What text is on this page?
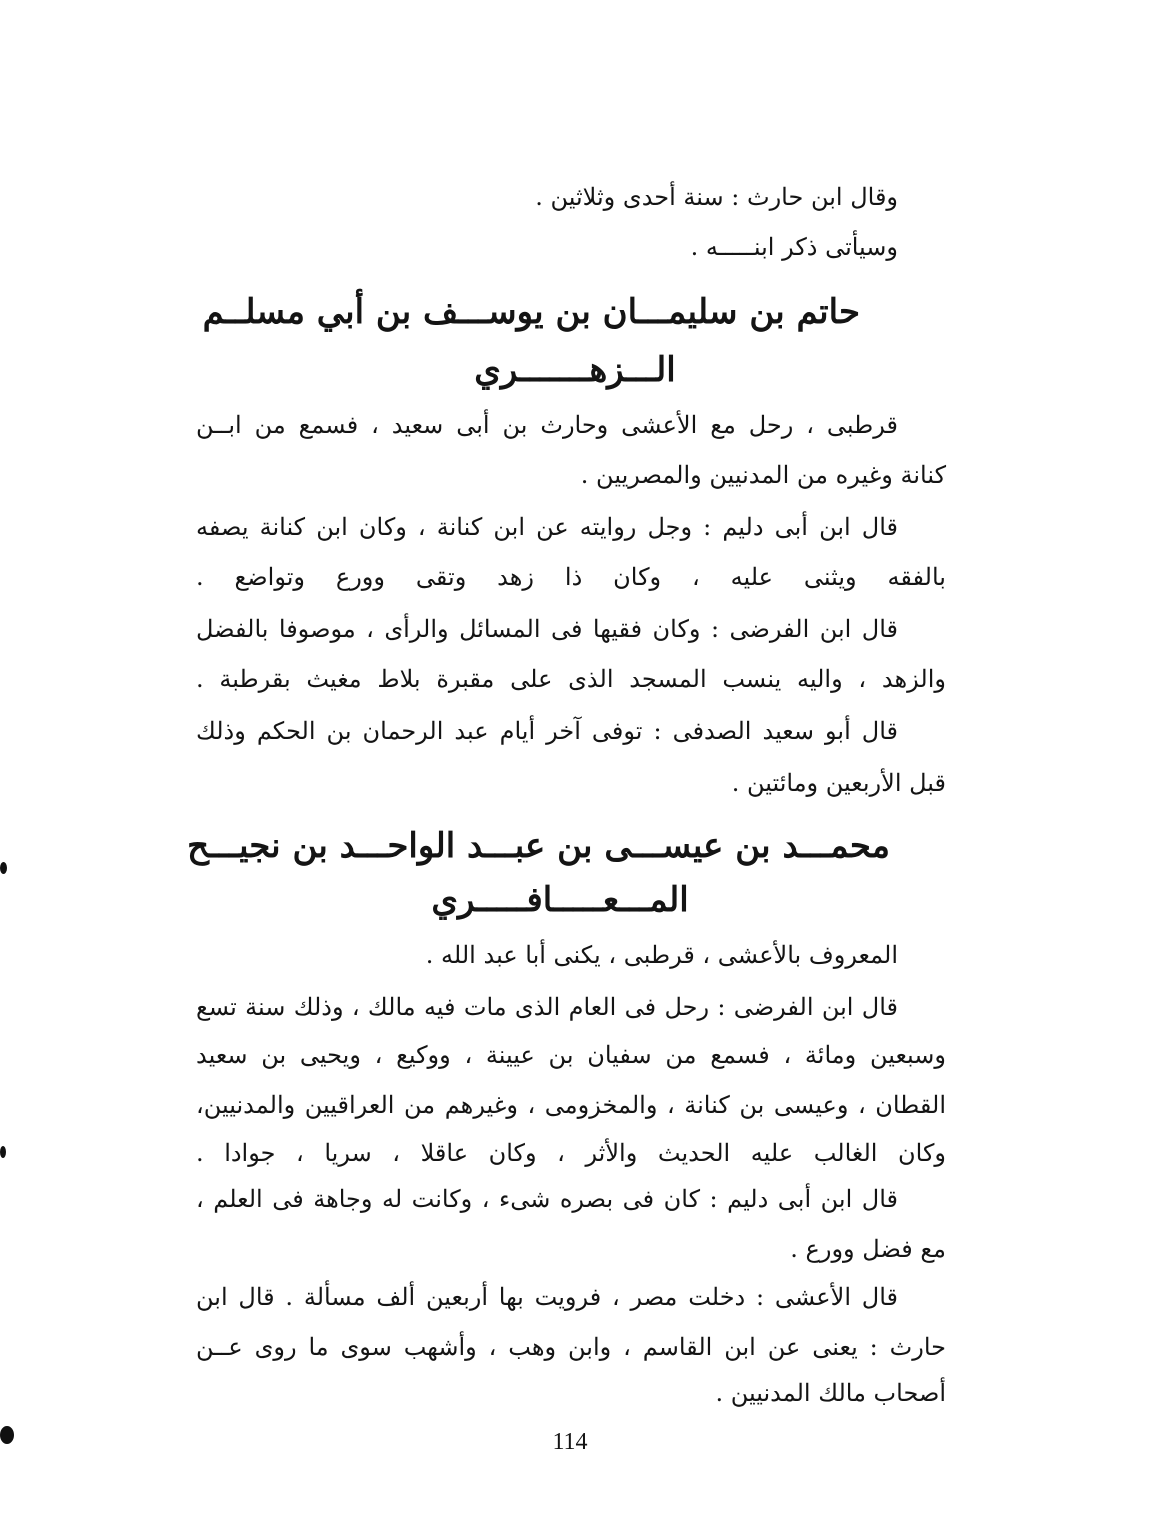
وقال ابن حارث : سنة أحدى وثلاثين .
وسيأتى ذكر ابنـــــه .
حاتم بن سليمـــان بن يوســـف بن أبي مسلــم
الـــزهـــــــري
قرطبى ، رحل مع الأعشى وحارث بن أبى سعيد ، فسمع من ابــن
كنانة وغيره من المدنيين والمصريين .
قال ابن أبى دليم : وجل روايته عن ابن كنانة ، وكان ابن كنانة يصفه
بالفقه ويثنى عليه ، وكان ذا زهد وتقى وورع وتواضع .
قال ابن الفرضى : وكان فقيها فى المسائل والرأى ، موصوفا بالفضل
والزهد ، واليه ينسب المسجد الذى على مقبرة بلاط مغيث بقرطبة .
قال أبو سعيد الصدفى : توفى آخر أيام عبد الرحمان بن الحكم وذلك
قبل الأربعين ومائتين .
محمـــد بن عيســـى بن عبـــد الواحـــد بن نجيـــح
المـــعـــــافـــــري
المعروف بالأعشى ، قرطبى ، يكنى أبا عبد الله .
قال ابن الفرضى : رحل فى العام الذى مات فيه مالك ، وذلك سنة تسع
وسبعين ومائة ، فسمع من سفيان بن عيينة ، ووكيع ، ويحيى بن سعيد
القطان ، وعيسى بن كنانة ، والمخزومى ، وغيرهم من العراقيين والمدنيين،
وكان الغالب عليه الحديث والأثر ، وكان عاقلا ، سريا ، جوادا .
قال ابن أبى دليم : كان فى بصره شىء ، وكانت له وجاهة فى العلم ،
مع فضل وورع .
قال الأعشى : دخلت مصر ، فرويت بها أربعين ألف مسألة . قال ابن
حارث : يعنى عن ابن القاسم ، وابن وهب ، وأشهب سوى ما روى عــن
أصحاب مالك المدنيين .
114
